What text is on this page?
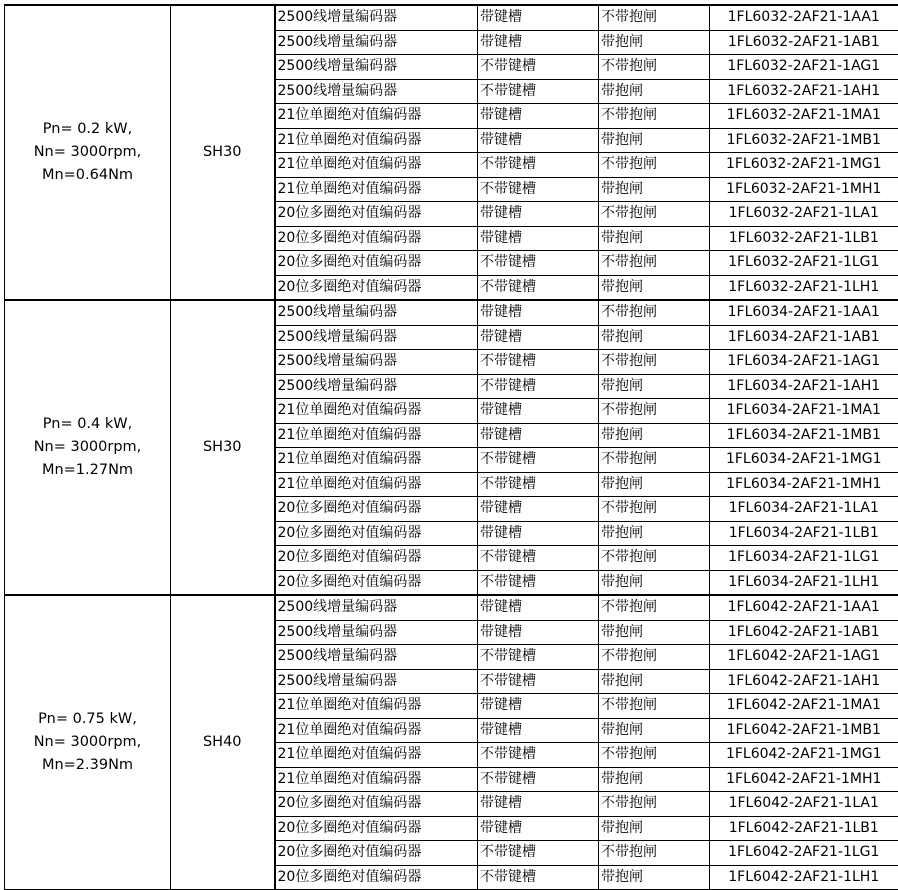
Pn= 0.2 kW,
Nn= 3000rpm,
Mn=0.64Nm	SH30	2500线增量编码器	带键槽	不带抱闸	1FL6032-2AF21-1AA1
		2500线增量编码器	带键槽	带抱闸	1FL6032-2AF21-1AB1
		2500线增量编码器	不带键槽	不带抱闸	1FL6032-2AF21-1AG1
		2500线增量编码器	不带键槽	带抱闸	1FL6032-2AF21-1AH1
		21位单圈绝对值编码器	带键槽	不带抱闸	1FL6032-2AF21-1MA1
		21位单圈绝对值编码器	带键槽	带抱闸	1FL6032-2AF21-1MB1
		21位单圈绝对值编码器	不带键槽	不带抱闸	1FL6032-2AF21-1MG1
		21位单圈绝对值编码器	不带键槽	带抱闸	1FL6032-2AF21-1MH1
		20位多圈绝对值编码器	带键槽	不带抱闸	1FL6032-2AF21-1LA1
		20位多圈绝对值编码器	带键槽	带抱闸	1FL6032-2AF21-1LB1
		20位多圈绝对值编码器	不带键槽	不带抱闸	1FL6032-2AF21-1LG1
		20位多圈绝对值编码器	不带键槽	带抱闸	1FL6032-2AF21-1LH1

Pn= 0.4 kW,
Nn= 3000rpm,
Mn=1.27Nm	SH30	2500线增量编码器	带键槽	不带抱闸	1FL6034-2AF21-1AA1
		2500线增量编码器	带键槽	带抱闸	1FL6034-2AF21-1AB1
		2500线增量编码器	不带键槽	不带抱闸	1FL6034-2AF21-1AG1
		2500线增量编码器	不带键槽	带抱闸	1FL6034-2AF21-1AH1
		21位单圈绝对值编码器	带键槽	不带抱闸	1FL6034-2AF21-1MA1
		21位单圈绝对值编码器	带键槽	带抱闸	1FL6034-2AF21-1MB1
		21位单圈绝对值编码器	不带键槽	不带抱闸	1FL6034-2AF21-1MG1
		21位单圈绝对值编码器	不带键槽	带抱闸	1FL6034-2AF21-1MH1
		20位多圈绝对值编码器	带键槽	不带抱闸	1FL6034-2AF21-1LA1
		20位多圈绝对值编码器	带键槽	带抱闸	1FL6034-2AF21-1LB1
		20位多圈绝对值编码器	不带键槽	不带抱闸	1FL6034-2AF21-1LG1
		20位多圈绝对值编码器	不带键槽	带抱闸	1FL6034-2AF21-1LH1

Pn= 0.75 kW,
Nn= 3000rpm,
Mn=2.39Nm	SH40	2500线增量编码器	带键槽	不带抱闸	1FL6042-2AF21-1AA1
		2500线增量编码器	带键槽	带抱闸	1FL6042-2AF21-1AB1
		2500线增量编码器	不带键槽	不带抱闸	1FL6042-2AF21-1AG1
		2500线增量编码器	不带键槽	带抱闸	1FL6042-2AF21-1AH1
		21位单圈绝对值编码器	带键槽	不带抱闸	1FL6042-2AF21-1MA1
		21位单圈绝对值编码器	带键槽	带抱闸	1FL6042-2AF21-1MB1
		21位单圈绝对值编码器	不带键槽	不带抱闸	1FL6042-2AF21-1MG1
		21位单圈绝对值编码器	不带键槽	带抱闸	1FL6042-2AF21-1MH1
		20位多圈绝对值编码器	带键槽	不带抱闸	1FL6042-2AF21-1LA1
		20位多圈绝对值编码器	带键槽	带抱闸	1FL6042-2AF21-1LB1
		20位多圈绝对值编码器	不带键槽	不带抱闸	1FL6042-2AF21-1LG1
		20位多圈绝对值编码器	不带键槽	带抱闸	1FL6042-2AF21-1LH1
